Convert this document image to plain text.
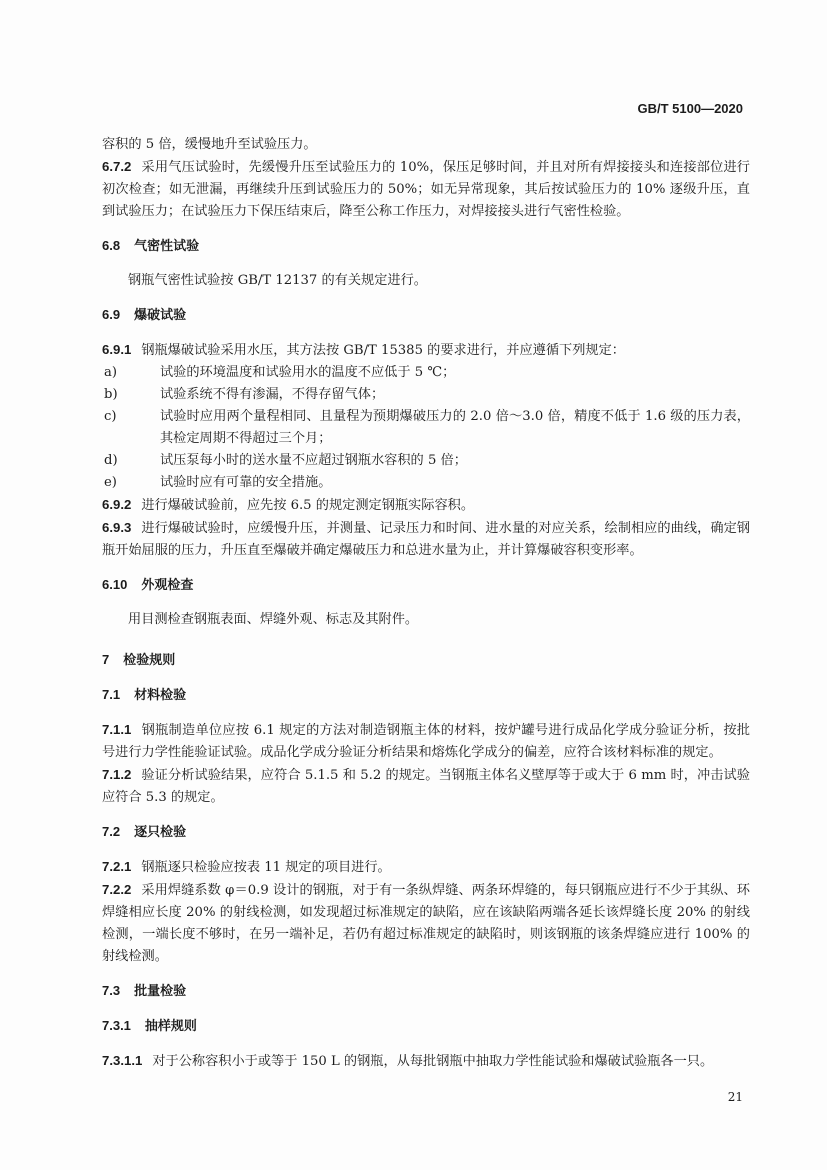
GB/T 5100—2020

容积的 5 倍，缓慢地升至试验压力。

6.7.2 采用气压试验时，先缓慢升压至试验压力的 10%，保压足够时间，并且对所有焊接接头和连接部位进行初次检查；如无泄漏，再继续升压到试验压力的 50%；如无异常现象，其后按试验压力的 10% 逐级升压，直到试验压力；在试验压力下保压结束后，降至公称工作压力，对焊接接头进行气密性检验。

6.8 气密性试验

钢瓶气密性试验按 GB/T 12137 的有关规定进行。

6.9 爆破试验

6.9.1 钢瓶爆破试验采用水压，其方法按 GB/T 15385 的要求进行，并应遵循下列规定：

a)	试验的环境温度和试验用水的温度不应低于 5 ℃；

b)	试验系统不得有渗漏，不得存留气体；

c)	试验时应用两个量程相同、且量程为预期爆破压力的 2.0 倍～3.0 倍，精度不低于 1.6 级的压力表，其检定周期不得超过三个月；

d)	试压泵每小时的送水量不应超过钢瓶水容积的 5 倍；

e)	试验时应有可靠的安全措施。

6.9.2 进行爆破试验前，应先按 6.5 的规定测定钢瓶实际容积。

6.9.3 进行爆破试验时，应缓慢升压，并测量、记录压力和时间、进水量的对应关系，绘制相应的曲线，确定钢瓶开始屈服的压力，升压直至爆破并确定爆破压力和总进水量为止，并计算爆破容积变形率。

6.10 外观检查

用目测检查钢瓶表面、焊缝外观、标志及其附件。

7 检验规则
7.1 材料检验

7.1.1 钢瓶制造单位应按 6.1 规定的方法对制造钢瓶主体的材料，按炉罐号进行成品化学成分验证分析，按批号进行力学性能验证试验。成品化学成分验证分析结果和熔炼化学成分的偏差，应符合该材料标准的规定。

7.1.2 验证分析试验结果，应符合 5.1.5 和 5.2 的规定。当钢瓶主体名义壁厚等于或大于 6 mm 时，冲击试验应符合 5.3 的规定。

7.2 逐只检验

7.2.1 钢瓶逐只检验应按表 11 规定的项目进行。

7.2.2 采用焊缝系数 φ＝0.9 设计的钢瓶，对于有一条纵焊缝、两条环焊缝的，每只钢瓶应进行不少于其纵、环焊缝相应长度 20% 的射线检测，如发现超过标准规定的缺陷，应在该缺陷两端各延长该焊缝长度 20% 的射线检测，一端长度不够时，在另一端补足，若仍有超过标准规定的缺陷时，则该钢瓶的该条焊缝应进行 100% 的射线检测。

7.3 批量检验
7.3.1 抽样规则

7.3.1.1 对于公称容积小于或等于 150 L 的钢瓶，从每批钢瓶中抽取力学性能试验和爆破试验瓶各一只。

21
